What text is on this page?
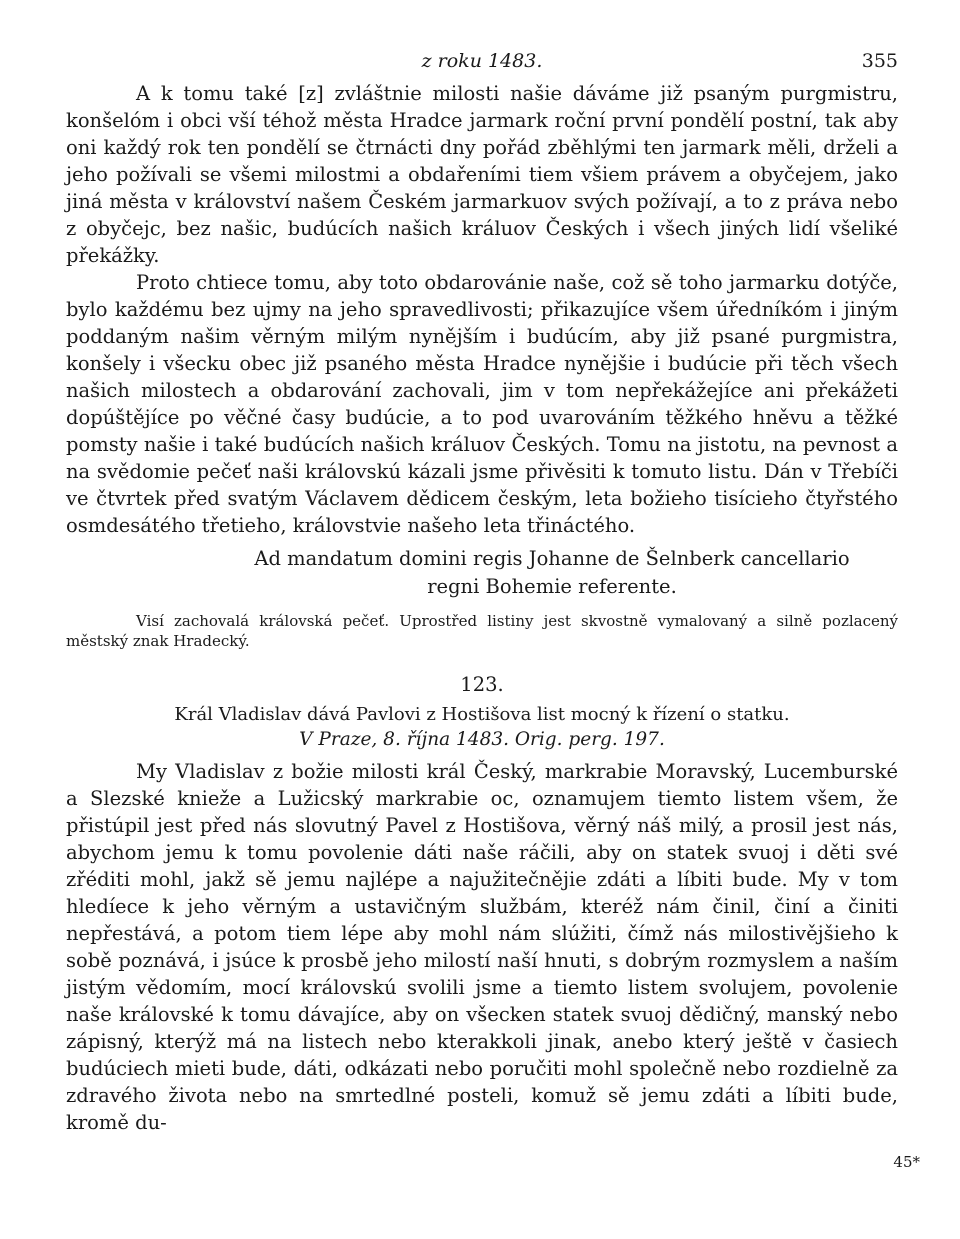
z roku 1483.	355

A k tomu také [z] zvláštnie milosti našie dáváme již psaným purgmistru, konšelóm i obci vší téhož města Hradce jarmark roční první pondělí postní, tak aby oni každý rok ten pondělí se čtrnácti dny pořád zběhlými ten jarmark měli, drželi a jeho požívali se všemi milostmi a obdařeními tiem všiem právem a obyčejem, jako jiná města v království našem Českém jarmarkuov svých požívají, a to z práva nebo z obyčejc, bez našic, budúcích našich králuov Českých i všech jiných lidí všeliké překážky.

Proto chtiece tomu, aby toto obdarovánie naše, což sě toho jarmarku dotýče, bylo každému bez ujmy na jeho spravedlivosti; přikazujíce všem úředníkóm i jiným poddaným našim věrným milým nynějším i budúcím, aby již psané purgmistra, konšely i všecku obec již psaného města Hradce nynějšie i budúcie při těch všech našich milostech a obdarování zachovali, jim v tom nepřekážejíce ani překážeti dopúštějíce po věčné časy budúcie, a to pod uvarováním těžkého hněvu a těžké pomsty našie i také budúcích našich králuov Českých. Tomu na jistotu, na pevnost a na svědomie pečeť naši královskú kázali jsme přivěsiti k tomuto listu. Dán v Třebíči ve čtvrtek před svatým Václavem dědicem českým, leta božieho tisícieho čtyřstého osmdesátého třetieho, královstvie našeho leta třináctého.

Ad mandatum domini regis Johanne de Šelnberk cancellario
regni Bohemie referente.

Visí zachovalá královská pečeť. Uprostřed listiny jest skvostně vymalovaný a silně pozlacený městský znak Hradecký.

123.
Král Vladislav dává Pavlovi z Hostišova list mocný k řízení o statku.
V Praze, 8. října 1483. Orig. perg. 197.

My Vladislav z božie milosti král Český, markrabie Moravský, Lucemburské a Slezské knieže a Lužicský markrabie oc, oznamujem tiemto listem všem, že přistúpil jest před nás slovutný Pavel z Hostišova, věrný náš milý, a prosil jest nás, abychom jemu k tomu povolenie dáti naše ráčili, aby on statek svuoj i děti své zřéditi mohl, jakž sě jemu najlépe a najužitečnějie zdáti a líbiti bude. My v tom hledíece k jeho věrným a ustavičným službám, kteréž nám činil, činí a činiti nepřestává, a potom tiem lépe aby mohl nám slúžiti, čímž nás milostivějšieho k sobě poznává, i jsúce k prosbě jeho milostí naší hnuti, s dobrým rozmyslem a naším jistým vědomím, mocí královskú svolili jsme a tiemto listem svolujem, povolenie naše královské k tomu dávajíce, aby on všecken statek svuoj dědičný, manský nebo zápisný, kterýž má na listech nebo kterakkoli jinak, anebo který ještě v časiech budúciech mieti bude, dáti, odkázati nebo poručiti mohl společně nebo rozdielně za zdravého života nebo na smrtedlné posteli, komuž sě jemu zdáti a líbiti bude, kromě du-

45*
